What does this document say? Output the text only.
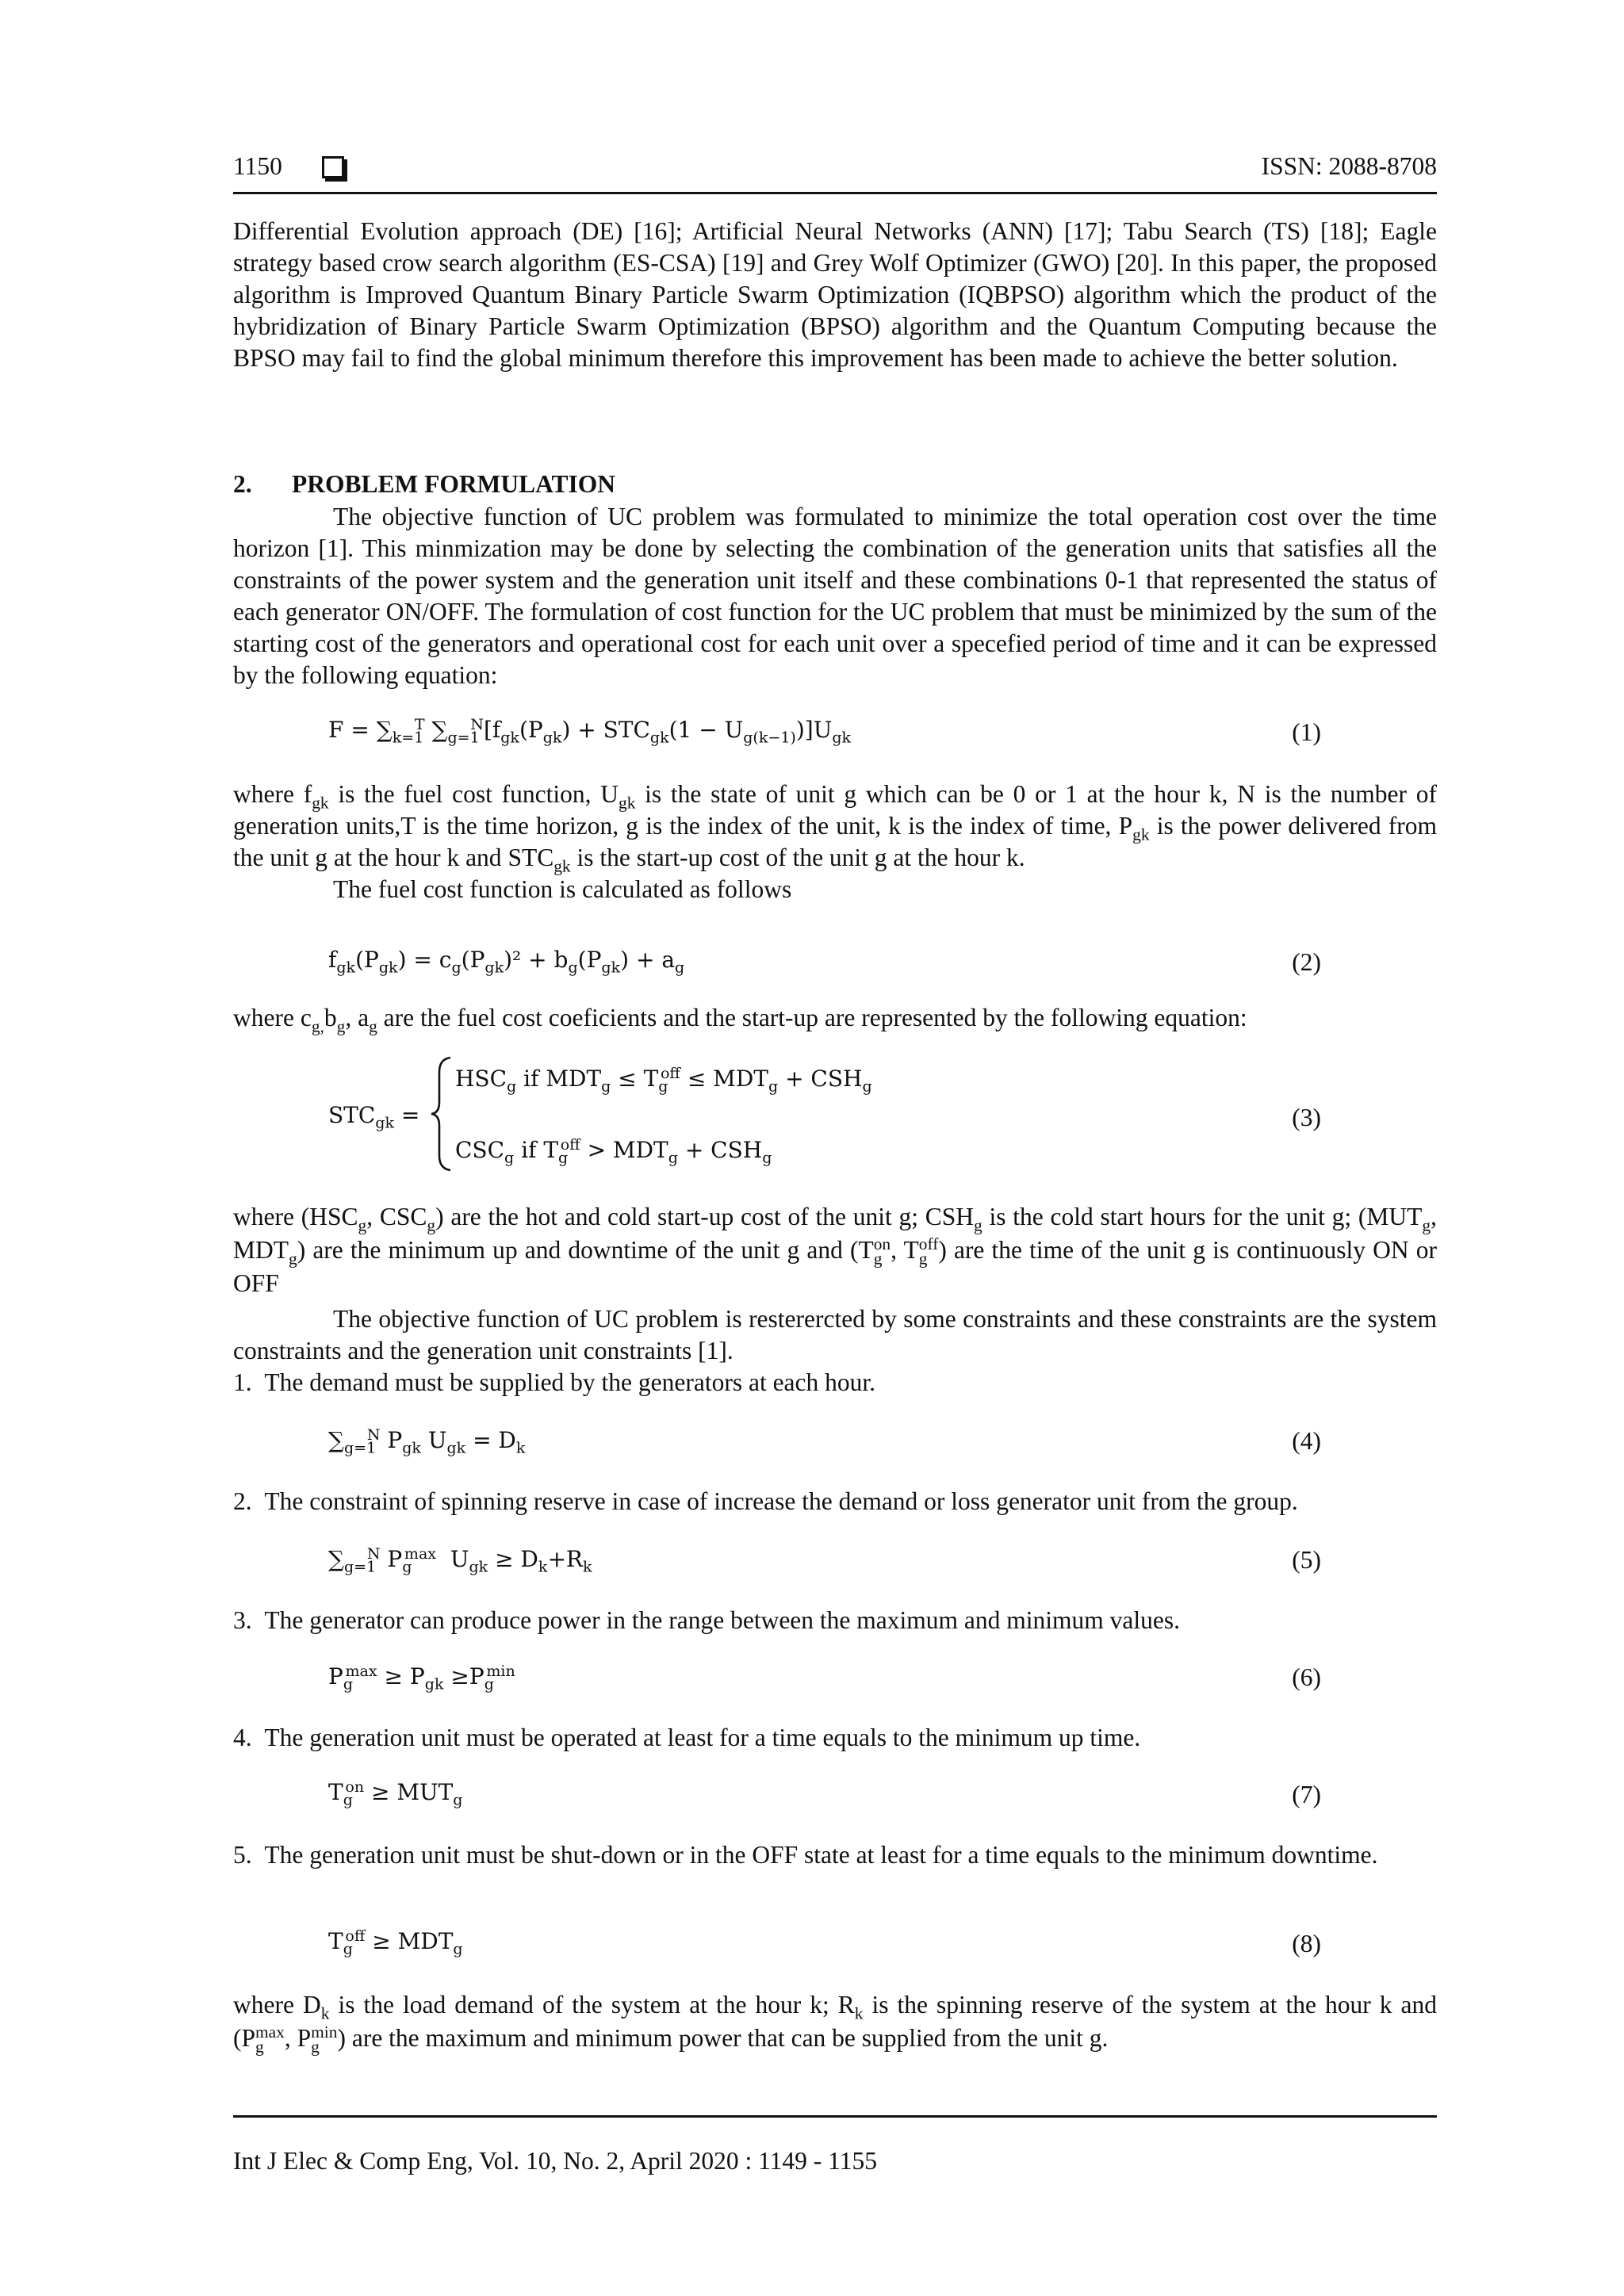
1150	ISSN: 2088-8708

Differential Evolution approach (DE) [16]; Artificial Neural Networks (ANN) [17]; Tabu Search (TS) [18]; Eagle strategy based crow search algorithm (ES-CSA) [19] and Grey Wolf Optimizer (GWO) [20]. In this paper, the proposed algorithm is Improved Quantum Binary Particle Swarm Optimization (IQBPSO) algorithm which the product of the hybridization of Binary Particle Swarm Optimization (BPSO) algorithm and the Quantum Computing because the BPSO may fail to find the global minimum therefore this improvement has been made to achieve the better solution.

2. PROBLEM FORMULATION

The objective function of UC problem was formulated to minimize the total operation cost over the time horizon [1]. This minmization may be done by selecting the combination of the generation units that satisfies all the constraints of the power system and the generation unit itself and these combinations 0-1 that represented the status of each generator ON/OFF. The formulation of cost function for the UC problem that must be minimized by the sum of the starting cost of the generators and operational cost for each unit over a specefied period of time and it can be expressed by the following equation:

$F = \sum_{k=1}^T$ $\sum_{g=1}^N[f_{gk}(P_{gk}) + STC_{gk}(1 - U_{g(k-1)})]U_{gk}$	(1)

where $f_{gk}$ is the fuel cost function, $U_{gk}$ is the state of unit g which can be 0 or 1 at the hour k, N is the number of generation units,T is the time horizon, g is the index of the unit, k is the index of time, $P_{gk}$ is the power delivered from the unit g at the hour k and $STC_{gk}$ is the start-up cost of the unit g at the hour k.

The fuel cost function is calculated as follows

$f_{gk}(P_{gk}) = c_g(P_{gk})^2 + b_g(P_{gk}) + a_g$	(2)

where $c_{g,}b_g$, $a_g$ are the fuel cost coeficients and the start-up are represented by the following equation:

$STC_{gk}$ =
$HSC_g$ if $MDT_g \le T_g^{off} \le MDT_g + CSH_g$
$CSC_g$ if $T_g^{off} > MDT_g + CSH_g$
(3)

where ($HSC_g$, $CSC_g$) are the hot and cold start-up cost of the unit g; $CSH_g$ is the cold start hours for the unit g; ($MUT_g$, $MDT_g$) are the minimum up and downtime of the unit g and ($T_g^{on}$, $T_g^{off}$) are the time of the unit g is continuously ON or OFF

The objective function of UC problem is resterercted by some constraints and these constraints are the system constraints and the generation unit constraints [1].

1.  The demand must be supplied by the generators at each hour.
$\sum_{g=1}^N$ $P_{gk}$ $U_{gk} = D_k$	(4)
2.  The constraint of spinning reserve in case of increase the demand or loss generator unit from the group.
$\sum_{g=1}^N$ $P_g^{max}$  $U_{gk} \ge D_k+R_k$	(5)
3.  The generator can produce power in the range between the maximum and minimum values.
$P_g^{max} \ge P_{gk} \ge P_g^{min}$	(6)
4.  The generation unit must be operated at least for a time equals to the minimum up time.
$T_g^{on} \ge MUT_g$	(7)
5.  The generation unit must be shut-down or in the OFF state at least for a time equals to the minimum downtime.
$T_g^{off} \ge MDT_g$	(8)

where $D_k$ is the load demand of the system at the hour k; $R_k$ is the spinning reserve of the system at the hour k and ($P_g^{max}$, $P_g^{min}$) are the maximum and minimum power that can be supplied from the unit g.

Int J Elec & Comp Eng, Vol. 10, No. 2, April 2020 : 1149 - 1155
